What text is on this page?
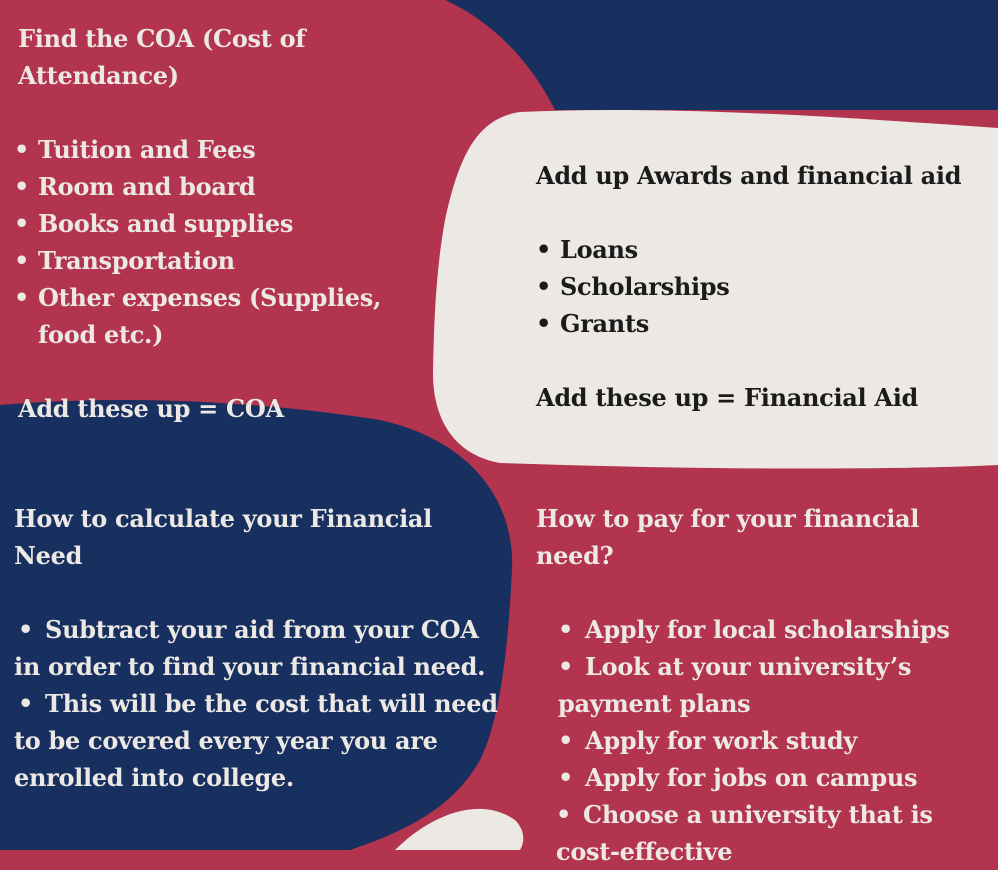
Find the COA (Cost of Attendance)
• Tuition and Fees
• Room and board
• Books and supplies
• Transportation
• Other expenses (Supplies, food etc.)
Add these up = COA
Add up Awards and financial aid
• Loans
• Scholarships
• Grants
Add these up = Financial Aid
How to calculate your Financial Need
• Subtract your aid from your COA in order to find your financial need.
• This will be the cost that will need to be covered every year you are enrolled into college.
How to pay for your financial need?
• Apply for local scholarships
• Look at your university’s payment plans
• Apply for work study
• Apply for jobs on campus
• Choose a university that is cost-effective
